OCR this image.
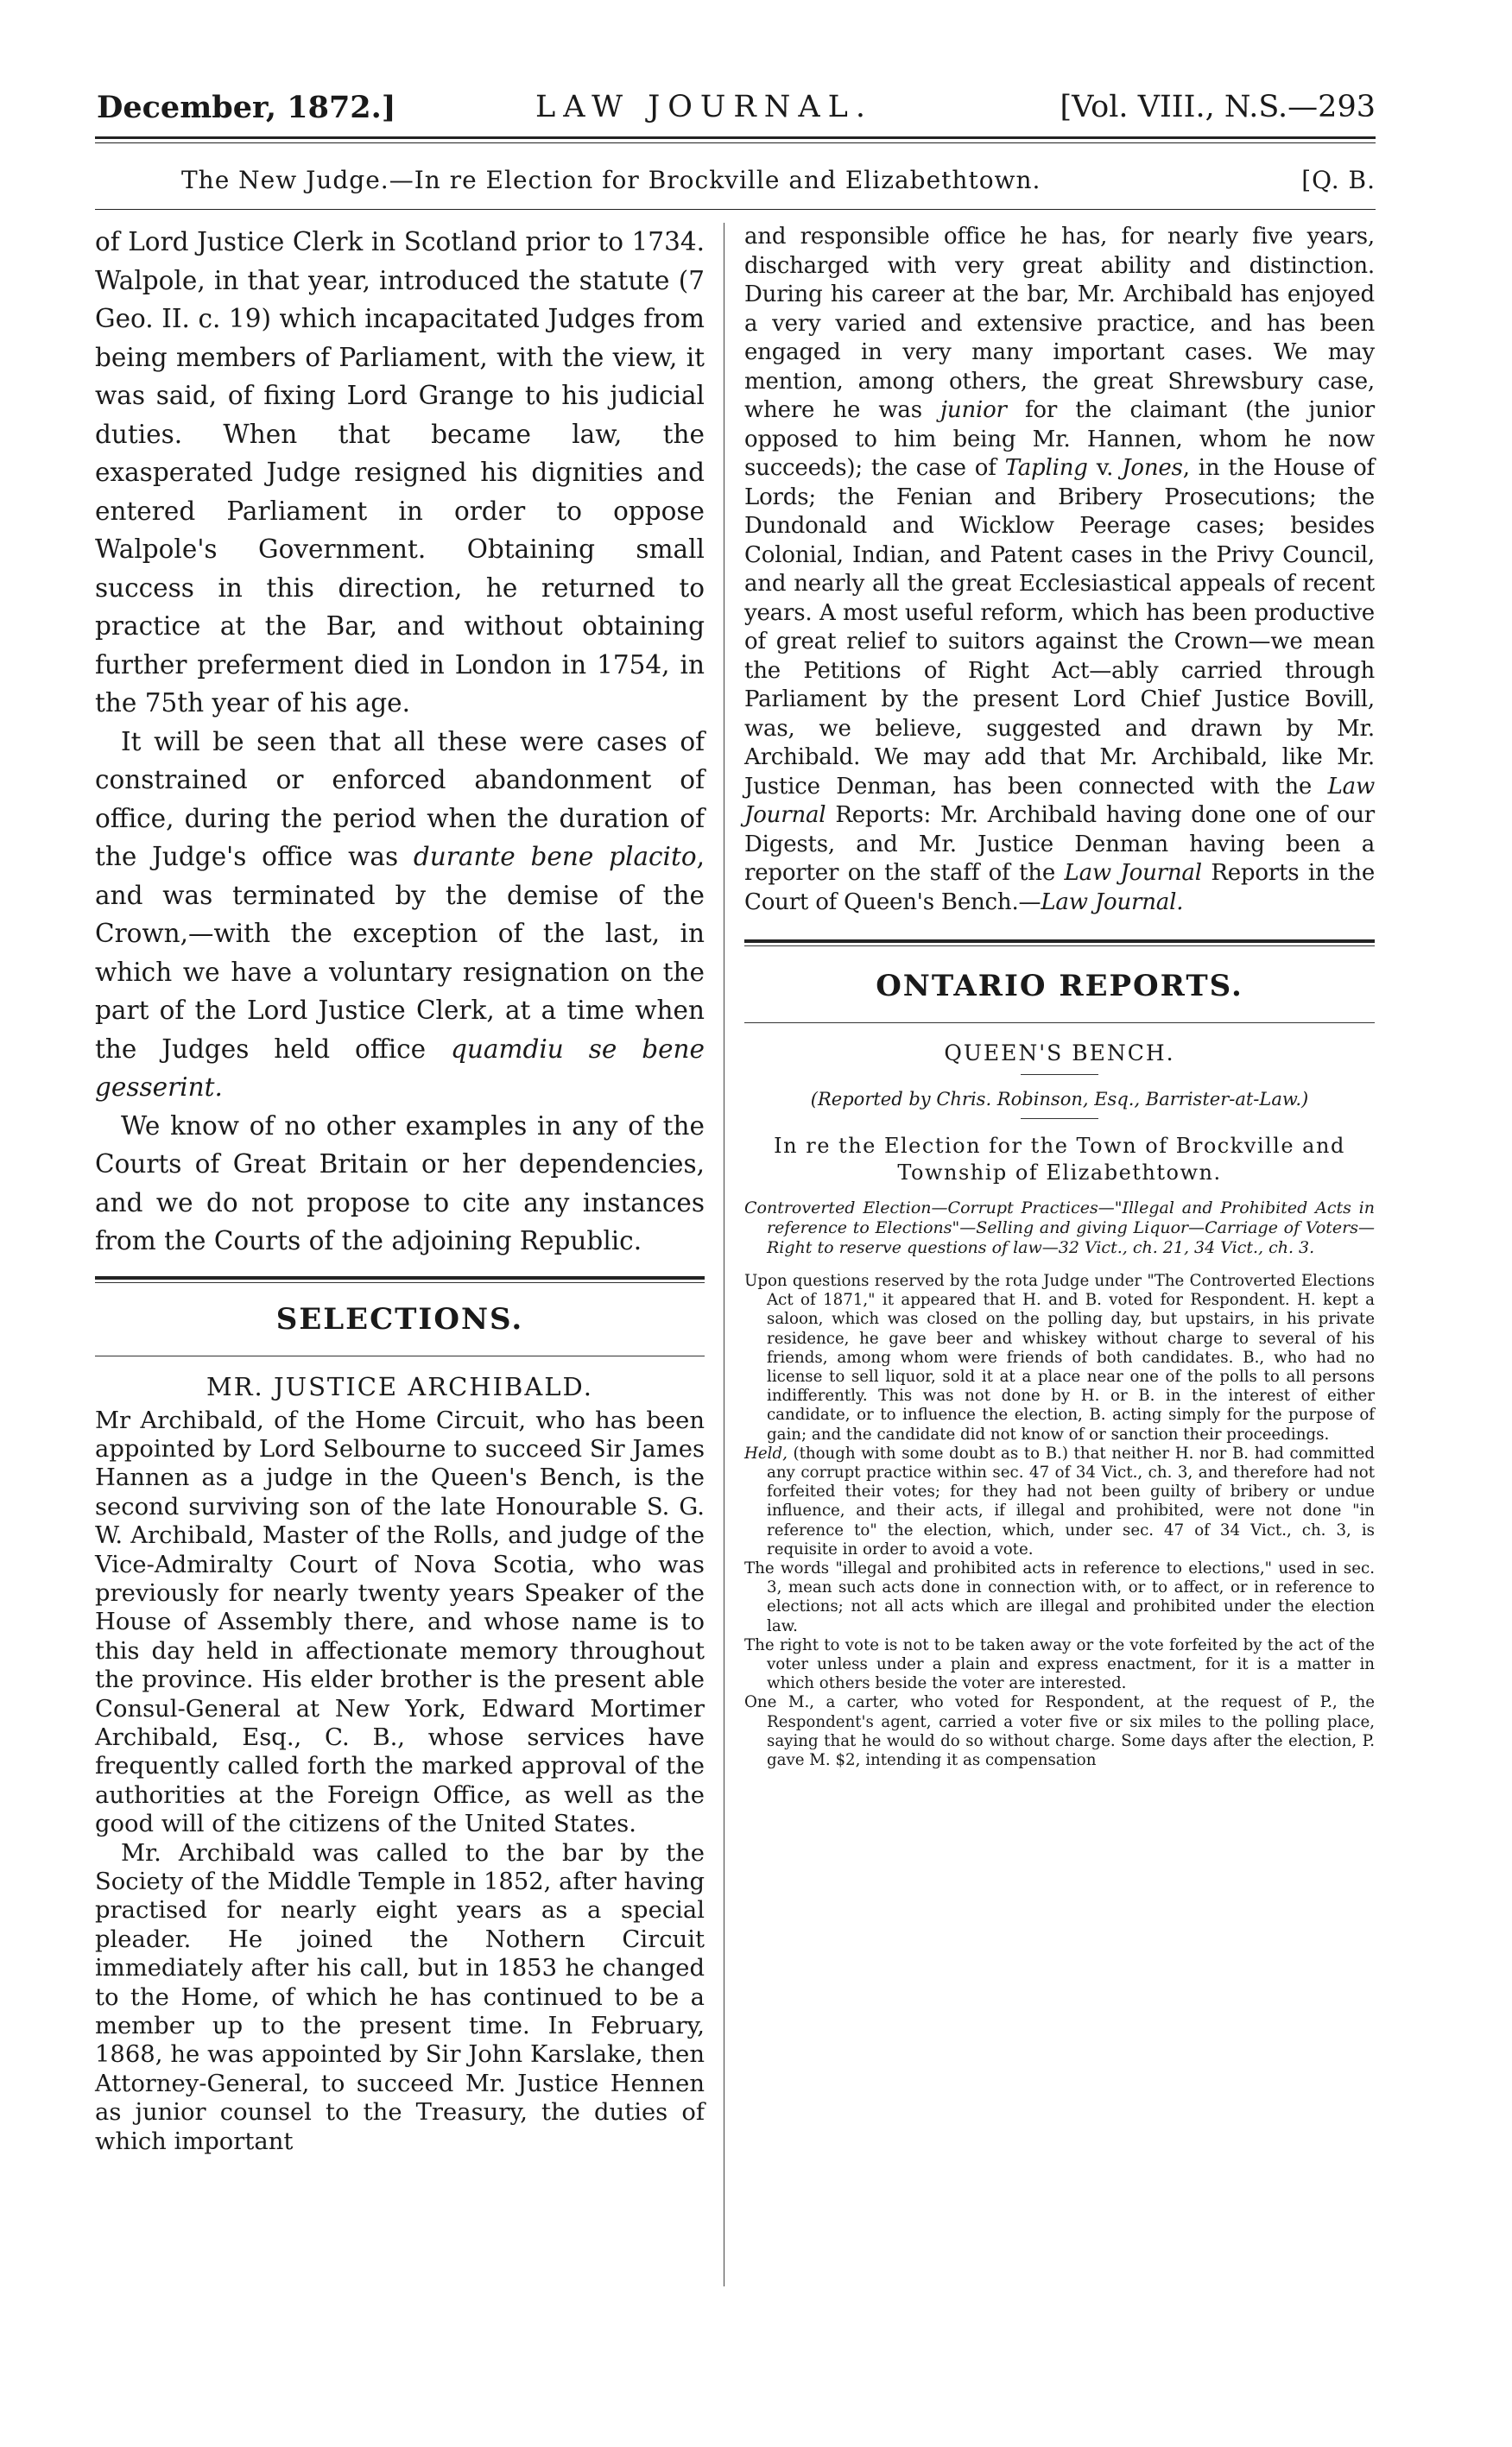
December, 1872.]	LAW JOURNAL.	[Vol. VIII., N.S.—293
The New Judge.—In re Election for Brockville and Elizabethtown.	[Q. B.

of Lord Justice Clerk in Scotland prior to 1734. Walpole, in that year, introduced the statute (7 Geo. II. c. 19) which incapacitated Judges from being members of Parliament, with the view, it was said, of fixing Lord Grange to his judicial duties. When that became law, the exasperated Judge resigned his dignities and entered Parliament in order to oppose Walpole's Government. Obtaining small success in this direction, he returned to practice at the Bar, and without obtaining further preferment died in London in 1754, in the 75th year of his age.

It will be seen that all these were cases of constrained or enforced abandonment of office, during the period when the duration of the Judge's office was durante bene placito, and was terminated by the demise of the Crown,—with the exception of the last, in which we have a voluntary resignation on the part of the Lord Justice Clerk, at a time when the Judges held office quamdiu se bene gesserint.

We know of no other examples in any of the Courts of Great Britain or her dependencies, and we do not propose to cite any instances from the Courts of the adjoining Republic.

SELECTIONS.
MR. JUSTICE ARCHIBALD.

Mr Archibald, of the Home Circuit, who has been appointed by Lord Selbourne to succeed Sir James Hannen as a judge in the Queen's Bench, is the second surviving son of the late Honourable S. G. W. Archibald, Master of the Rolls, and judge of the Vice-Admiralty Court of Nova Scotia, who was previously for nearly twenty years Speaker of the House of Assembly there, and whose name is to this day held in affectionate memory throughout the province. His elder brother is the present able Consul-General at New York, Edward Mortimer Archibald, Esq., C. B., whose services have frequently called forth the marked approval of the authorities at the Foreign Office, as well as the good will of the citizens of the United States.

Mr. Archibald was called to the bar by the Society of the Middle Temple in 1852, after having practised for nearly eight years as a special pleader. He joined the Nothern Circuit immediately after his call, but in 1853 he changed to the Home, of which he has continued to be a member up to the present time. In February, 1868, he was appointed by Sir John Karslake, then Attorney-General, to succeed Mr. Justice Hennen as junior counsel to the Treasury, the duties of which important

and responsible office he has, for nearly five years, discharged with very great ability and distinction. During his career at the bar, Mr. Archibald has enjoyed a very varied and extensive practice, and has been engaged in very many important cases. We may mention, among others, the great Shrewsbury case, where he was junior for the claimant (the junior opposed to him being Mr. Hannen, whom he now succeeds); the case of Tapling v. Jones, in the House of Lords; the Fenian and Bribery Prosecutions; the Dundonald and Wicklow Peerage cases; besides Colonial, Indian, and Patent cases in the Privy Council, and nearly all the great Ecclesiastical appeals of recent years. A most useful reform, which has been productive of great relief to suitors against the Crown—we mean the Petitions of Right Act—ably carried through Parliament by the present Lord Chief Justice Bovill, was, we believe, suggested and drawn by Mr. Archibald. We may add that Mr. Archibald, like Mr. Justice Denman, has been connected with the Law Journal Reports: Mr. Archibald having done one of our Digests, and Mr. Justice Denman having been a reporter on the staff of the Law Journal Reports in the Court of Queen's Bench.—Law Journal.

ONTARIO REPORTS.
QUEEN'S BENCH.
(Reported by Chris. Robinson, Esq., Barrister-at-Law.)
In re the Election for the Town of Brockville and Township of Elizabethtown.

Controverted Election—Corrupt Practices—"Illegal and Prohibited Acts in reference to Elections"—Selling and giving Liquor—Carriage of Voters—Right to reserve questions of law—32 Vict., ch. 21, 34 Vict., ch. 3.

Upon questions reserved by the rota Judge under "The Controverted Elections Act of 1871," it appeared that H. and B. voted for Respondent. H. kept a saloon, which was closed on the polling day, but upstairs, in his private residence, he gave beer and whiskey without charge to several of his friends, among whom were friends of both candidates. B., who had no license to sell liquor, sold it at a place near one of the polls to all persons indifferently. This was not done by H. or B. in the interest of either candidate, or to influence the election, B. acting simply for the purpose of gain; and the candidate did not know of or sanction their proceedings.

Held, (though with some doubt as to B.) that neither H. nor B. had committed any corrupt practice within sec. 47 of 34 Vict., ch. 3, and therefore had not forfeited their votes; for they had not been guilty of bribery or undue influence, and their acts, if illegal and prohibited, were not done "in reference to" the election, which, under sec. 47 of 34 Vict., ch. 3, is requisite in order to avoid a vote.

The words "illegal and prohibited acts in reference to elections," used in sec. 3, mean such acts done in connection with, or to affect, or in reference to elections; not all acts which are illegal and prohibited under the election law.

The right to vote is not to be taken away or the vote forfeited by the act of the voter unless under a plain and express enactment, for it is a matter in which others beside the voter are interested.

One M., a carter, who voted for Respondent, at the request of P., the Respondent's agent, carried a voter five or six miles to the polling place, saying that he would do so without charge. Some days after the election, P. gave M. $2, intending it as compensation
